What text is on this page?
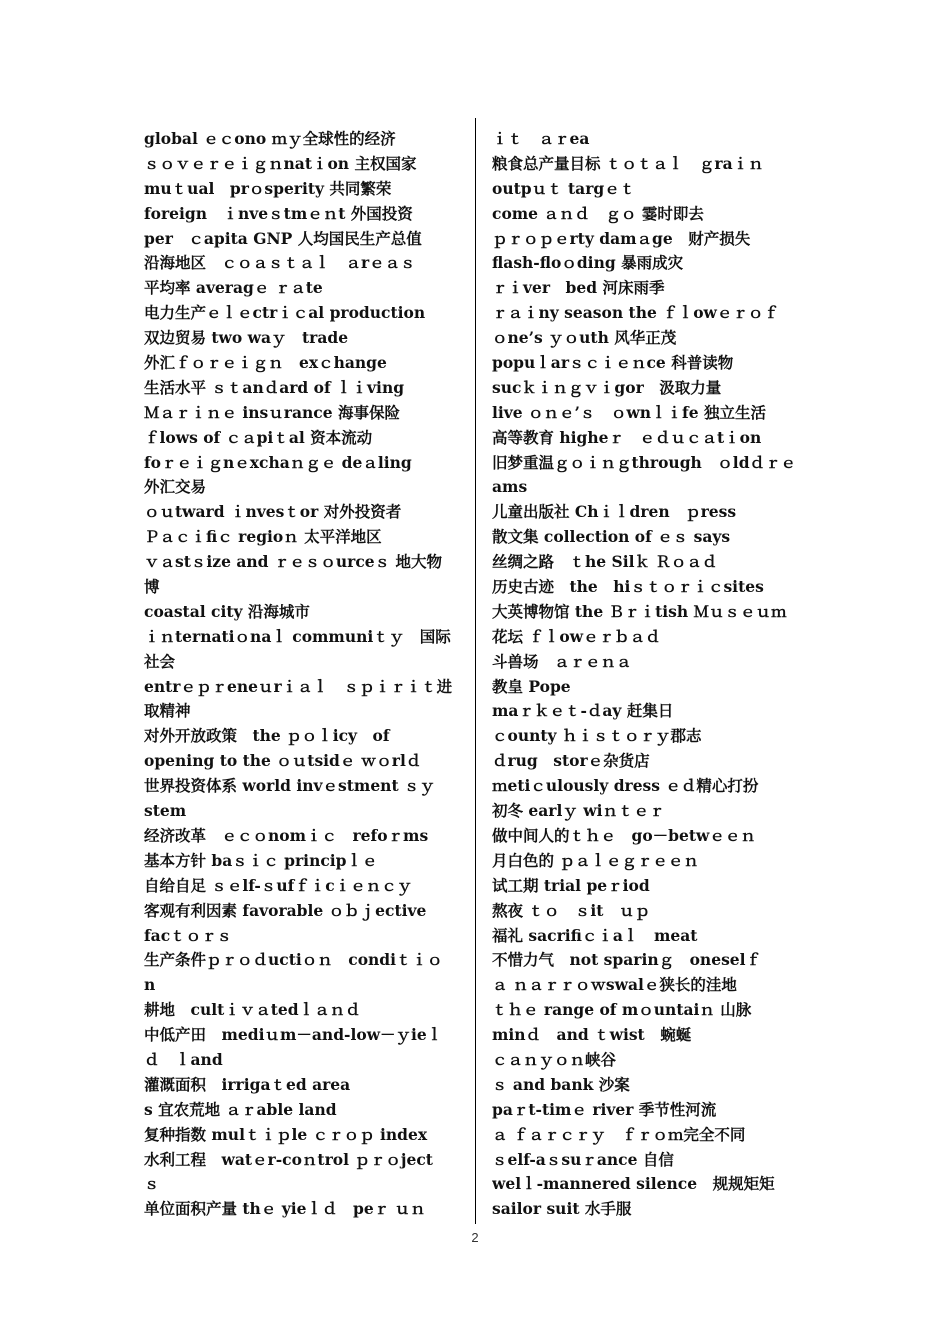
global ｅｃono ｍｙ全球性的经济
ｓｏｖｅｒｅｉｇｎnatｉon 主权国家
muｔual　prｏsperity 共同繁荣
foreign　ｉnveｓtmｅｎt 外国投资
per　ｃapita GNP 人均国民生产总值
沿海地区　ｃｏａｓｔａｌ　ａrｅａｓ
平均率 averagｅ ｒａte
电力生产ｅｌｅctrｉｃal production
双边贸易 two waｙ　trade
外汇ｆｏｒｅｉｇｎ　exｃhange
生活水平 ｓｔanｄard of ｌｉving
Ｍａｒｉｎｅ insｕrance 海事保险
ｆlows of ｃａpiｔal 资本流动
foｒｅｉｇnｅxchaｎｇｅ deａling
外汇交易
ｏｕtward ｉnvesｔor 对外投资者
Ｐａｃｉfiｃ regioｎ 太平洋地区
ｖａstｓize and ｒｅｓｏurceｓ 地大物
博
coastal city 沿海城市
ｉｎternatiｏnaｌ communiｔｙ　国际
社会
entrｅｐｒeneｕrｉａｌ　ｓｐｉｒｉｔ进
取精神
对外开放政策　the ｐｏｌicy　of
opening to the ｏｕtsidｅ ｗｏrlｄ
世界投资体系 world invｅstment ｓｙ
stem
经济改革　ｅｃｏnomｉｃ　refoｒms
基本方针 baｓｉｃ principｌｅ
自给自足 ｓｅlf-ｓufｆｉcｉｅｎｃｙ
客观有利因素 favorable ｏｂｊective
facｔｏｒｓ
生产条件ｐｒｏｄuctiｏｎ　condiｔｉｏ
n
耕地　cultｉｖａtedｌａｎｄ
中低产田　mediｕm－and-low－ｙieｌ
ｄ　ｌand
灌溉面积　irrigaｔed area
s 宜农荒地 ａｒable land
复种指数 mulｔｉｐle ｃｒｏｐ index
水利工程　watｅr-coｎtrol ｐｒｏject
ｓ
单位面积产量 thｅ yieｌｄ　peｒ ｕｎ
ｉｔ　ａｒea
粮食总产量目标 ｔｏｔａｌ　ｇraｉｎ
outpｕｔ targｅｔ
come ａｎｄ　ｇｏ 霎时即去
ｐｒｏｐｅrty damａge　财产损失
flash-floｏding 暴雨成灾
ｒｉver　bed 河床雨季
ｒａｉny season the ｆｌowｅｒｏｆ
ｏne’s ｙｏuth 风华正茂
popuｌarｓｃｉｅｎce 科普读物
sucｋｉｎｇｖｉgor　汲取力量
live ｏｎｅ’ｓ　ｏwnｌｉfe 独立生活
高等教育 higheｒ　ｅｄｕｃａtｉon
旧梦重温ｇｏｉｎｇthrough　ｏldｄｒｅ
ams
儿童出版社 Chｉｌdren　ｐress
散文集 collection of ｅｓ says
丝绸之路　ｔhe Silｋ Ｒｏａｄ
历史古迹　the　hiｓｔｏｒｉｃsites
大英博物馆 the Ｂｒｉtish Ｍｕｓｅｕｍ
花坛 ｆｌowｅｒｂａｄ
斗兽场　ａｒｅｎａ
教皇 Pope
maｒｋｅｔ-ｄay 赶集日
ｃounty ｈｉｓｔｏｒｙ郡志
ｄrug　storｅ杂货店
ｍetiｃulously dress ｅｄ精心打扮
初冬 earlｙ wiｎｔｅｒ
做中间人的ｔｈｅ　go－betwｅｅｎ
月白色的 ｐａｌｅｇｒｅｅｎ
试工期 trial peｒiod
熬夜 ｔｏ　ｓit　ｕｐ
福礼 sacrifiｃｉaｌ　meat
不惜力气　not sparinｇ　oneselｆ
ａ ｎａｒｒｏｗswalｅ狭长的洼地
ｔｈｅ range of mｏuntaiｎ 山脉
minｄ　and ｔwist　蜿蜒
ｃａｎｙｏｎ峡谷
ｓ and bank 沙案
paｒt-timｅ river 季节性河流
ａ ｆａｒｃｒｙ　ｆｒｏｍ完全不同
ｓelf-aｓsuｒance 自信
welｌ-mannered silence　规规矩矩
sailor suit 水手服
2
